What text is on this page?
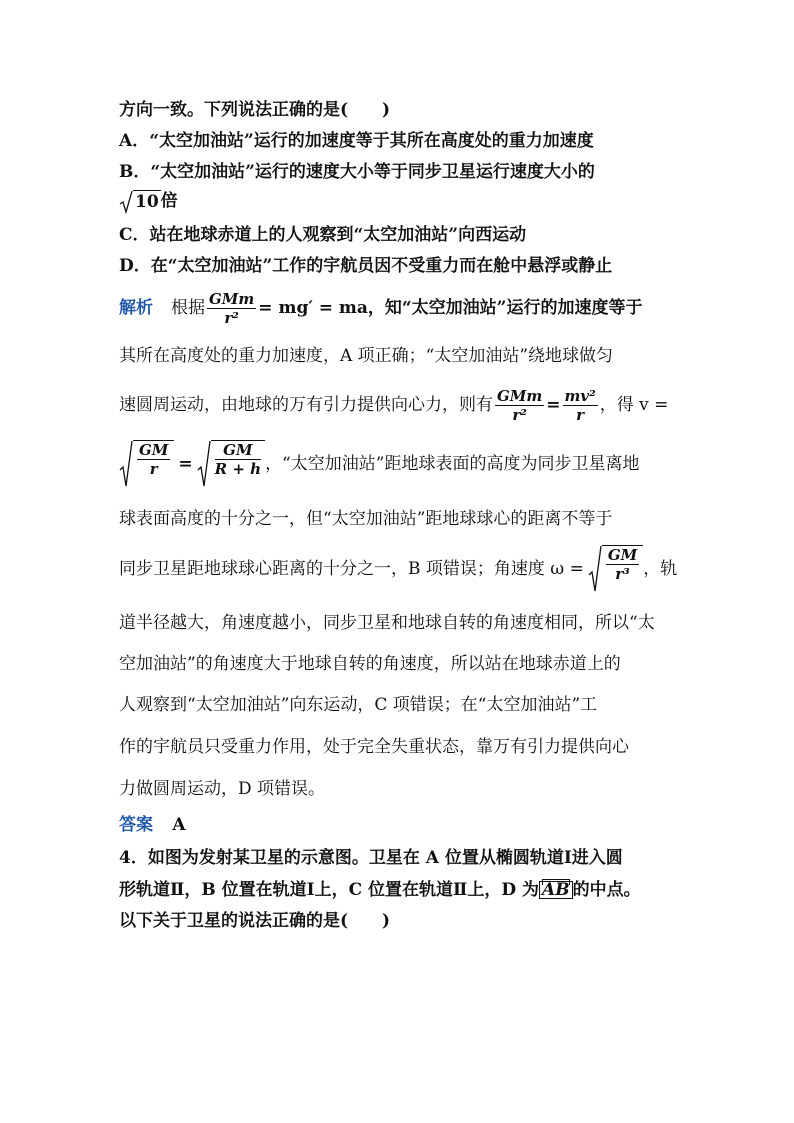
方向一致。下列说法正确的是(　　)
A．“太空加油站”运行的加速度等于其所在高度处的重力加速度
B．“太空加油站”运行的速度大小等于同步卫星运行速度大小的
10 倍
C．站在地球赤道上的人观察到“太空加油站”向西运动
D．在“太空加油站”工作的宇航员因不受重力而在舱中悬浮或静止
解析 根据 $\frac{\text{GMm}}{\text{r²}} = mg'$ = ma，知“太空加油站”运行的加速度等于
其所在高度处的重力加速度，A 项正确；“太空加油站”绕地球做匀
速圆周运动，由地球的万有引力提供向心力，则有 $\frac{\text{GMm}}{\text{r²}} = \frac{\text{mv²}}{r}$ ，得 v =
$\frac{GM}{r} = \frac{GM}{R + h}$ ，“太空加油站”距地球表面的高度为同步卫星离地
球表面高度的十分之一，但“太空加油站”距地球球心的距离不等于
同步卫星距地球球心距离的十分之一，B 项错误；角速度 $\omega = \frac{GM}{\text{r³}}$ ，轨
道半径越大，角速度越小，同步卫星和地球自转的角速度相同，所以“太
空加油站”的角速度大于地球自转的角速度，所以站在地球赤道上的
人观察到“太空加油站”向东运动，C 项错误；在“太空加油站”工
作的宇航员只受重力作用，处于完全失重状态，靠万有引力提供向心
力做圆周运动，D 项错误。
答案 A
4．如图为发射某卫星的示意图。卫星在 A 位置从椭圆轨道Ⅰ进入圆
形轨道Ⅱ，B 位置在轨道Ⅰ上，C 位置在轨道Ⅱ上，D 为 AB 的中点。
以下关于卫星的说法正确的是(　　)
